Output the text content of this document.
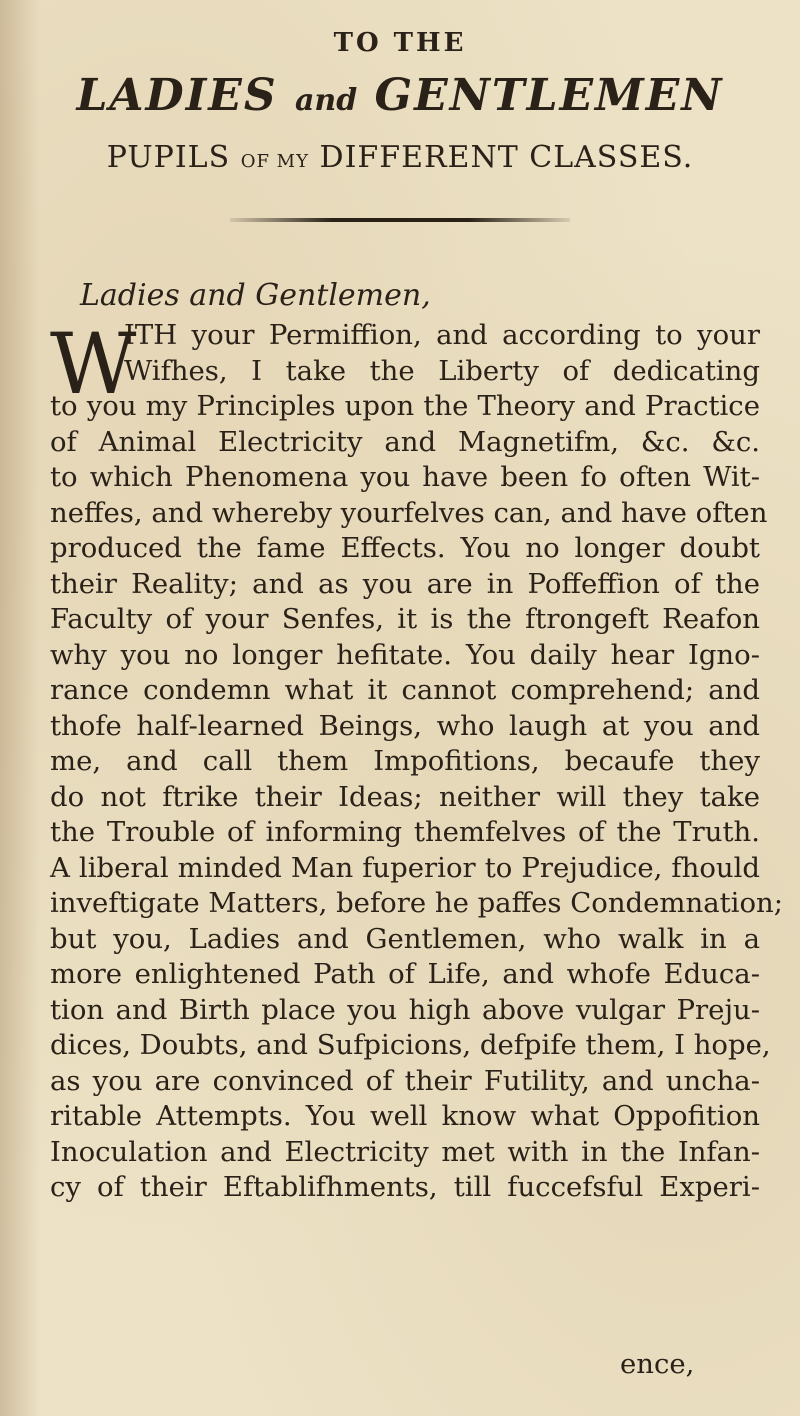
TO THE
LADIES and GENTLEMEN
PUPILS OF MY DIFFERENT CLASSES.
Ladies and Gentlemen,
W
ITH your Permiffion, and according to your
Wifhes, I take the Liberty of dedicating
to you my Principles upon the Theory and Practice
of Animal Electricity and Magnetifm, &c. &c.
to which Phenomena you have been fo often Wit-
neffes, and whereby yourfelves can, and have often
produced the fame Effects. You no longer doubt
their Reality; and as you are in Poffeffion of the
Faculty of your Senfes, it is the ftrongeft Reafon
why you no longer hefitate. You daily hear Igno-
rance condemn what it cannot comprehend; and
thofe half-learned Beings, who laugh at you and
me, and call them Impofitions, becaufe they
do not ftrike their Ideas; neither will they take
the Trouble of informing themfelves of the Truth.
A liberal minded Man fuperior to Prejudice, fhould
inveftigate Matters, before he paffes Condemnation;
but you, Ladies and Gentlemen, who walk in a
more enlightened Path of Life, and whofe Educa-
tion and Birth place you high above vulgar Preju-
dices, Doubts, and Sufpicions, defpife them, I hope,
as you are convinced of their Futility, and uncha-
ritable Attempts. You well know what Oppofition
Inoculation and Electricity met with in the Infan-
cy of their Eftablifhments, till fuccefsful Experi-
ence,
